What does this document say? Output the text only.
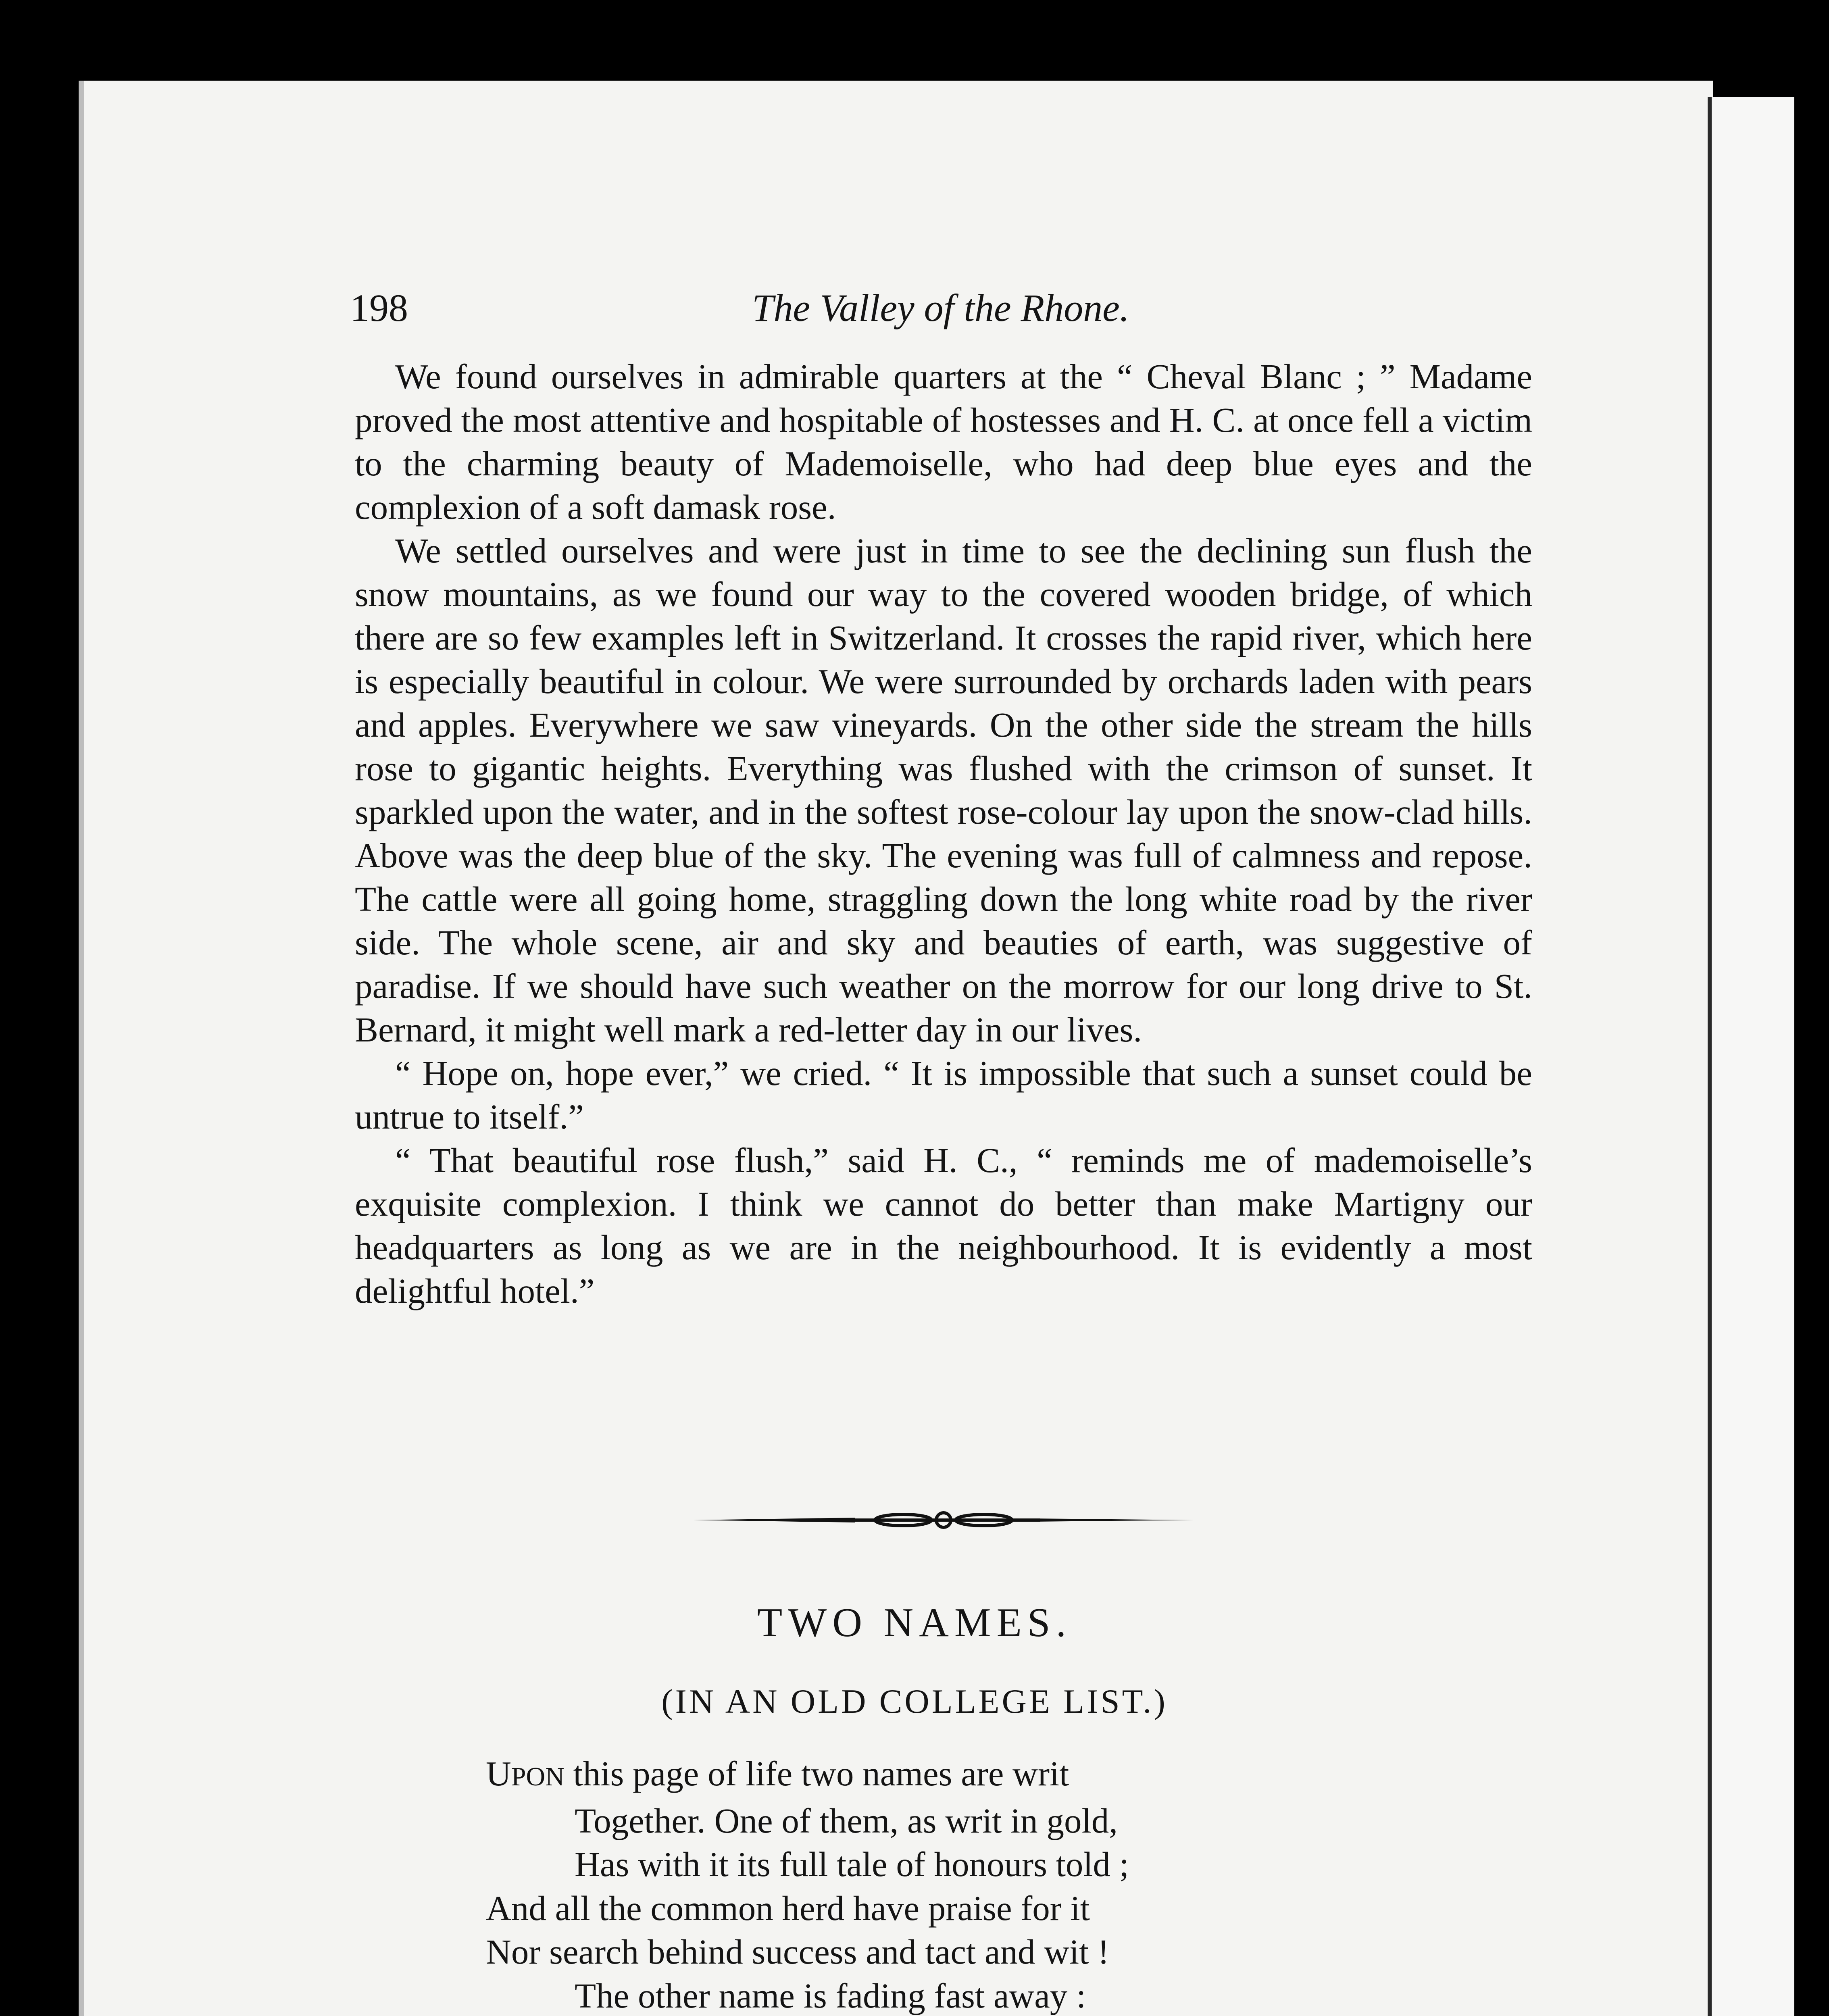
198	The Valley of the Rhone.

We found ourselves in admirable quarters at the “ Cheval Blanc ; ” Madame proved the most attentive and hospitable of hostesses and H. C. at once fell a victim to the charming beauty of Mademoiselle, who had deep blue eyes and the complexion of a soft damask rose.

We settled ourselves and were just in time to see the declining sun flush the snow mountains, as we found our way to the covered wooden bridge, of which there are so few examples left in Switzerland. It crosses the rapid river, which here is especially beautiful in colour. We were surrounded by orchards laden with pears and apples. Everywhere we saw vineyards. On the other side the stream the hills rose to gigantic heights. Everything was flushed with the crimson of sunset. It sparkled upon the water, and in the softest rose-colour lay upon the snow-clad hills. Above was the deep blue of the sky. The evening was full of calmness and repose. The cattle were all going home, straggling down the long white road by the river side. The whole scene, air and sky and beauties of earth, was suggestive of paradise. If we should have such weather on the morrow for our long drive to St. Bernard, it might well mark a red-letter day in our lives.

“ Hope on, hope ever,” we cried. “ It is impossible that such a sunset could be untrue to itself.”

“ That beautiful rose flush,” said H. C., “ reminds me of mademoiselle’s exquisite complexion. I think we cannot do better than make Martigny our headquarters as long as we are in the neighbourhood. It is evidently a most delightful hotel.”

TWO NAMES.
(IN AN OLD COLLEGE LIST.)
UPON this page of life two names are writ
Together. One of them, as writ in gold,
Has with it its full tale of honours told ;
And all the common herd have praise for it
Nor search behind success and tact and wit !
The other name is fading fast away :
